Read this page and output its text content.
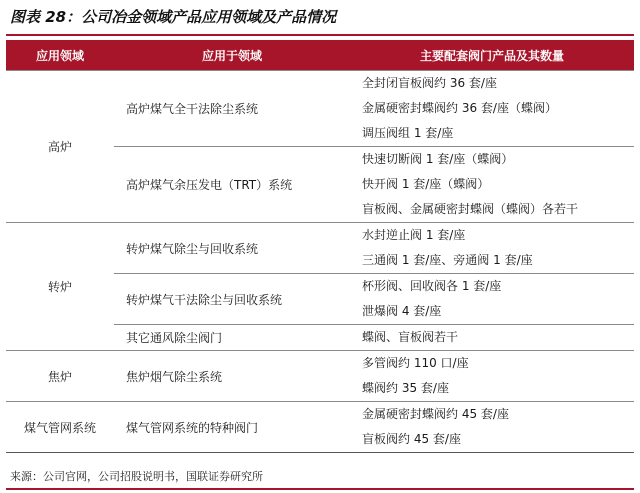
图表 28：公司冶金领域产品应用领域及产品情况
应用领域	应用于领域	主要配套阀门产品及其数量
高炉	高炉煤气全干法除尘系统	全封闭盲板阀约 36 套/座
金属硬密封蝶阀约 36 套/座（蝶阀）
调压阀组 1 套/座

	高炉煤气余压发电（TRT）系统	快速切断阀 1 套/座（蝶阀）
快开阀 1 套/座（蝶阀）
盲板阀、金属硬密封蝶阀（蝶阀）各若干

转炉	转炉煤气除尘与回收系统	水封逆止阀 1 套/座
三通阀 1 套/座、旁通阀 1 套/座

	转炉煤气干法除尘与回收系统	杯形阀、回收阀各 1 套/座
泄爆阀 4 套/座

	其它通风除尘阀门	蝶阀、盲板阀若干

焦炉	焦炉烟气除尘系统	多管阀约 110 口/座
蝶阀约 35 套/座

煤气管网系统	煤气管网系统的特种阀门	金属硬密封蝶阀约 45 套/座
盲板阀约 45 套/座
来源：公司官网，公司招股说明书，国联证券研究所
